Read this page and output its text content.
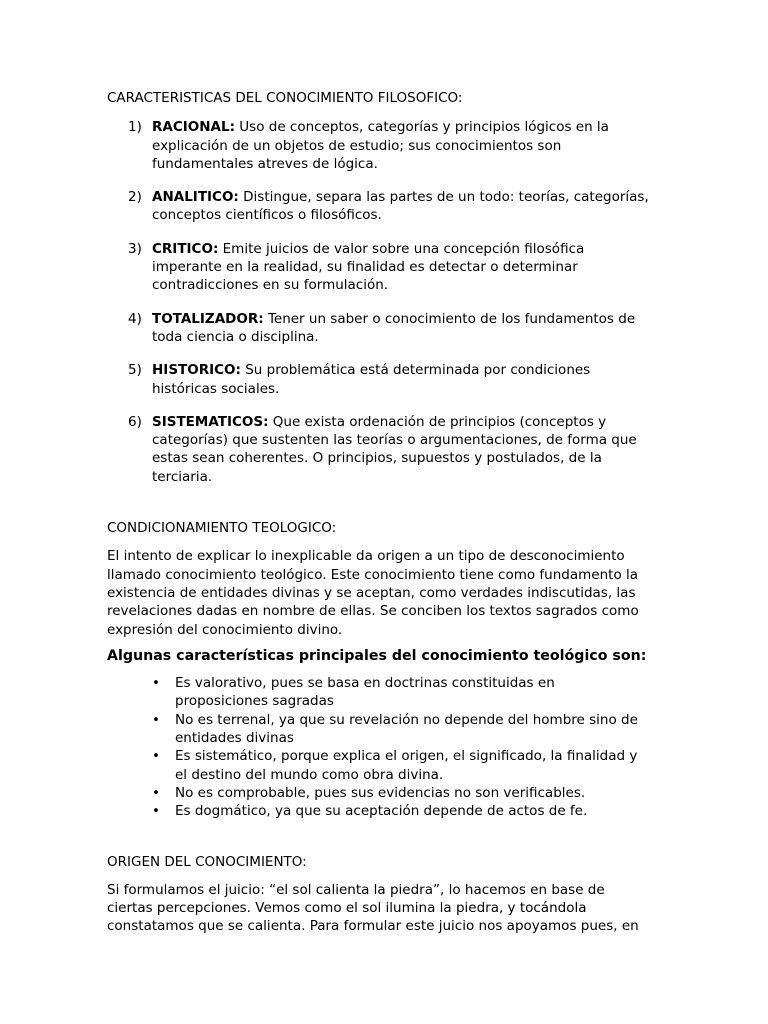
CARACTERISTICAS DEL CONOCIMIENTO FILOSOFICO:

1) RACIONAL: Uso de conceptos, categorías y principios lógicos en la
explicación de un objetos de estudio; sus conocimientos son
fundamentales atreves de lógica.
2) ANALITICO: Distingue, separa las partes de un todo: teorías, categorías,
conceptos científicos o filosóficos.
3) CRITICO: Emite juicios de valor sobre una concepción filosófica
imperante en la realidad, su finalidad es detectar o determinar
contradicciones en su formulación.
4) TOTALIZADOR: Tener un saber o conocimiento de los fundamentos de
toda ciencia o disciplina.
5) HISTORICO: Su problemática está determinada por condiciones
históricas sociales.
6) SISTEMATICOS: Que exista ordenación de principios (conceptos y
categorías) que sustenten las teorías o argumentaciones, de forma que
estas sean coherentes. O principios, supuestos y postulados, de la
terciaria.

CONDICIONAMIENTO TEOLOGICO:

El intento de explicar lo inexplicable da origen a un tipo de desconocimiento
llamado conocimiento teológico. Este conocimiento tiene como fundamento la
existencia de entidades divinas y se aceptan, como verdades indiscutidas, las
revelaciones dadas en nombre de ellas. Se conciben los textos sagrados como
expresión del conocimiento divino.

Algunas características principales del conocimiento teológico son:

• Es valorativo, pues se basa en doctrinas constituidas en
proposiciones sagradas
• No es terrenal, ya que su revelación no depende del hombre sino de
entidades divinas
• Es sistemático, porque explica el origen, el significado, la finalidad y
el destino del mundo como obra divina.
• No es comprobable, pues sus evidencias no son verificables.
• Es dogmático, ya que su aceptación depende de actos de fe.

ORIGEN DEL CONOCIMIENTO:

Si formulamos el juicio: “el sol calienta la piedra”, lo hacemos en base de
ciertas percepciones. Vemos como el sol ilumina la piedra, y tocándola
constatamos que se calienta. Para formular este juicio nos apoyamos pues, en
